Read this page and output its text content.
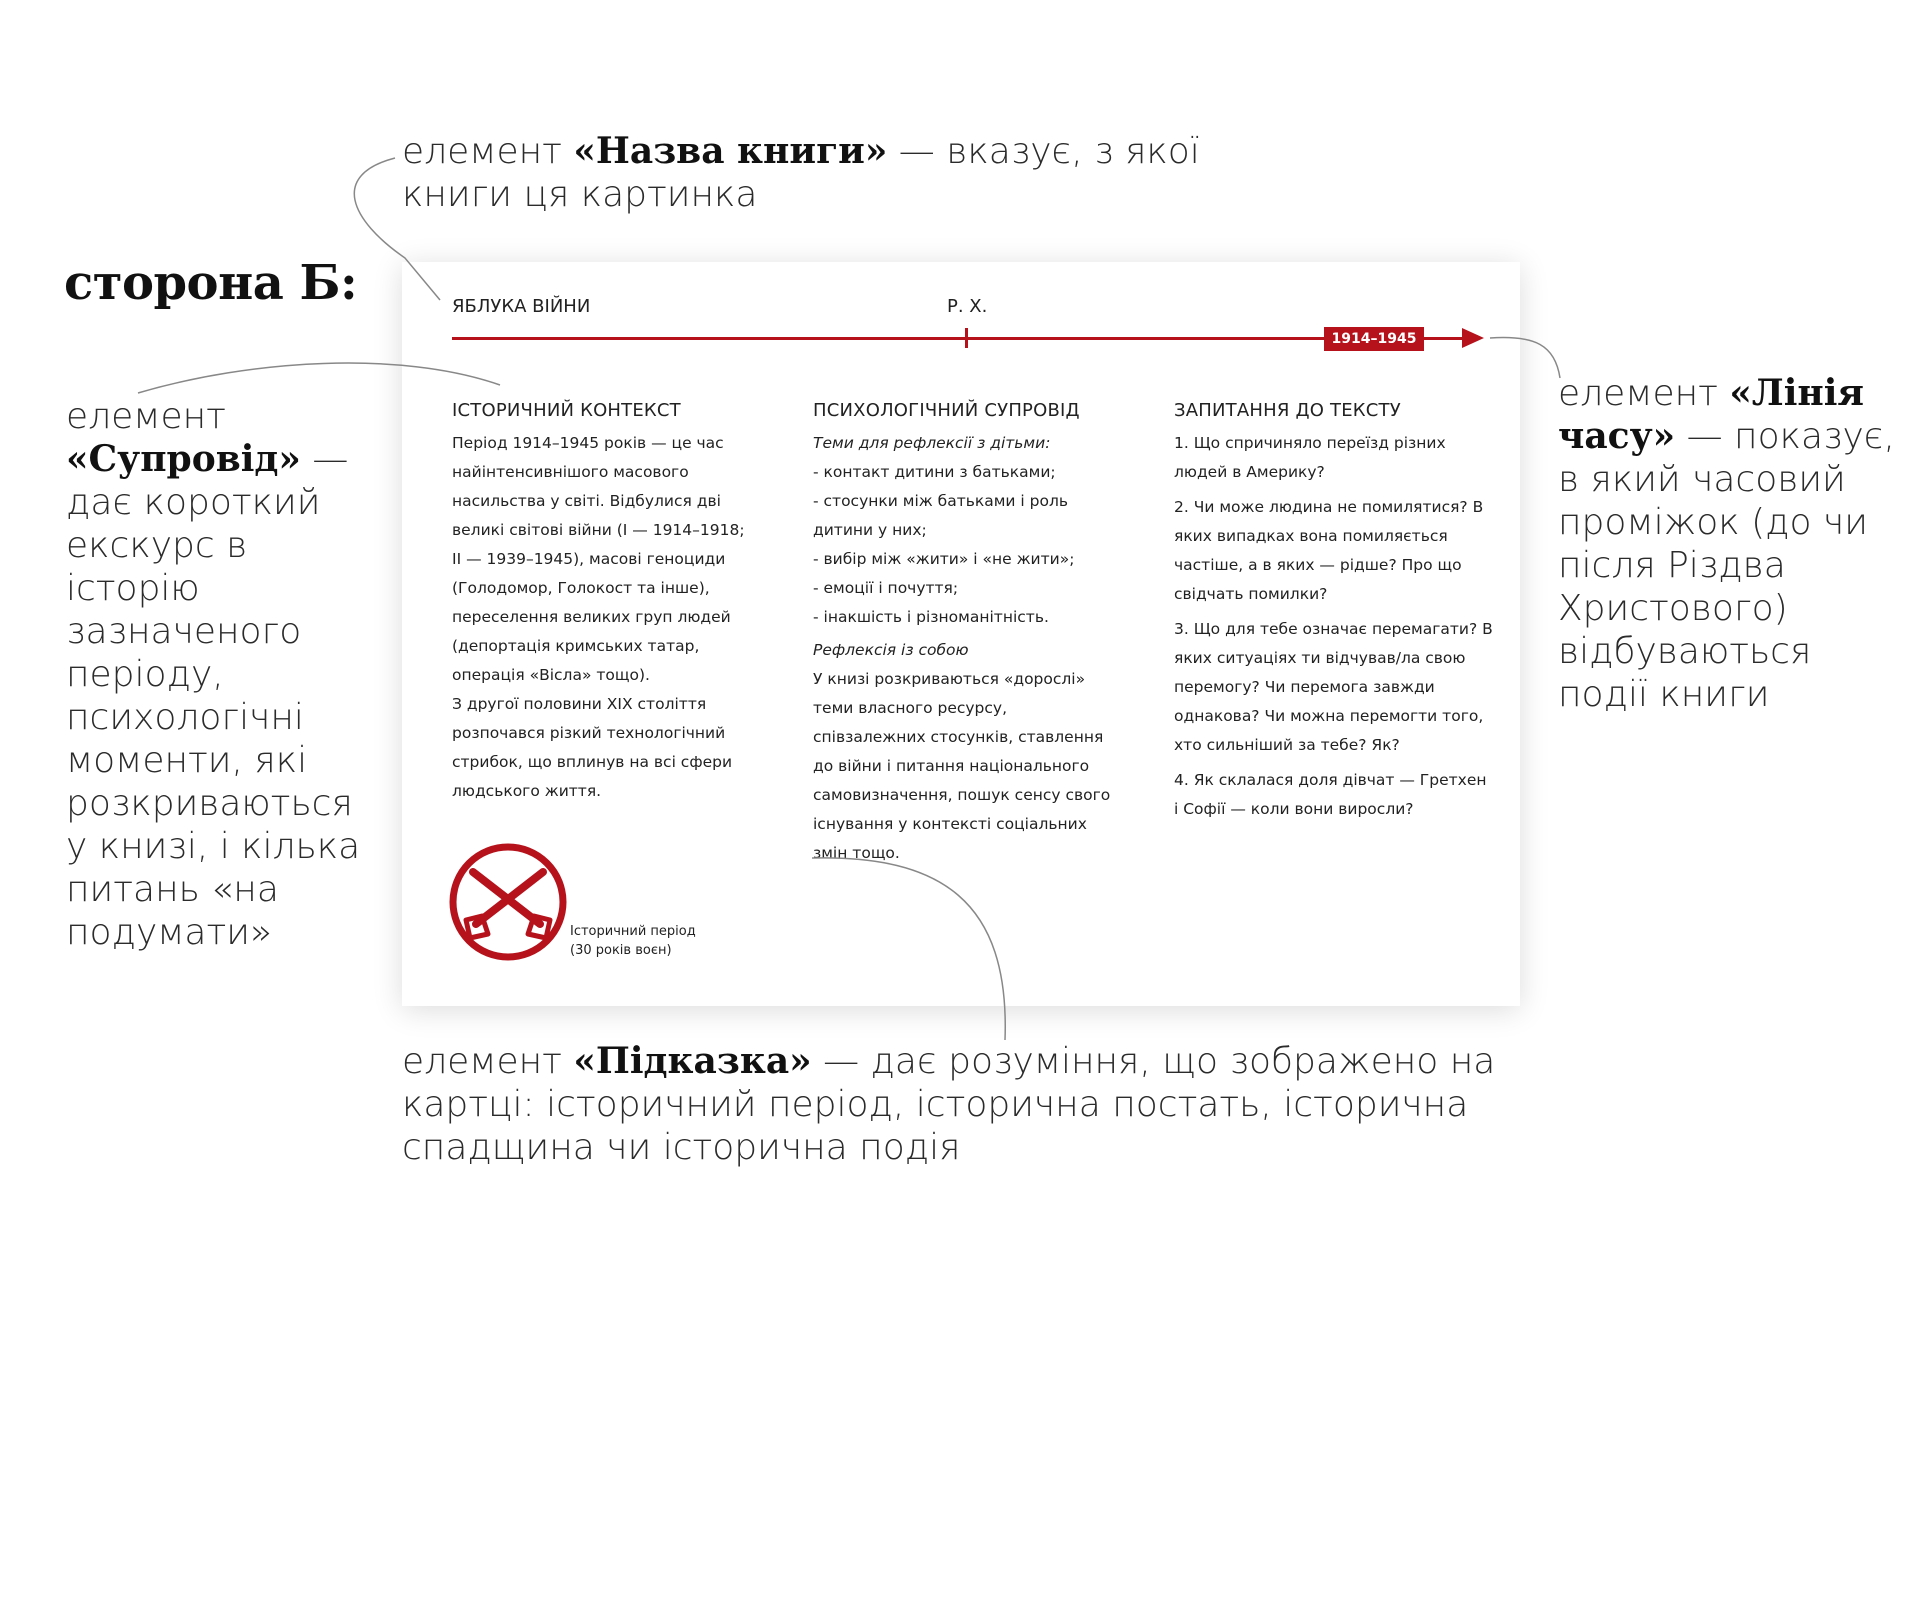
сторона Б:
елемент «Назва книги» — вказує, з якої книги ця картинка
елемент
«Супровід» — дає короткий екскурс в історію зазначеного періоду, психологічні моменти, які розкриваються у книзі, і кілька питань «на подумати»
елемент «Лінія часу» — показує, в який часовий проміжок (до чи після Різдва Христового) відбуваються події книги
елемент «Підказка» — дає розуміння, що зображено на картці: історичний період, історична постать, історична спадщина чи історична подія
ЯБЛУКА ВІЙНИ	Р. Х.
1914–1945
ІСТОРИЧНИЙ КОНТЕКСТ

Період 1914–1945 років — це час найінтенсивнішого масового насильства у світі. Відбулися дві великі світові війни (І — 1914–1918; ІІ — 1939–1945), масові геноциди (Голодомор, Голокост та інше), переселення великих груп людей (депортація кримських татар, операція «Вісла» тощо).

З другої половини ХІХ століття розпочався різкий технологічний стрибок, що вплинув на всі сфери людського життя.

ПСИХОЛОГІЧНИЙ СУПРОВІД

Теми для рефлексії з дітьми:

- контакт дитини з батьками;

- стосунки між батьками і роль дитини у них;

- вибір між «жити» і «не жити»;

- емоції і почуття;

- інакшість і різноманітність.

Рефлексія із собою

У книзі розкриваються «дорослі» теми власного ресурсу, співзалежних стосунків, ставлення до війни і питання національного самовизначення, пошук сенсу свого існування у контексті соціальних змін тощо.

ЗАПИТАННЯ ДО ТЕКСТУ

1. Що спричиняло переїзд різних людей в Америку?

2. Чи може людина не помилятися? В яких випадках вона помиляється частіше, а в яких — рідше? Про що свідчать помилки?

3. Що для тебе означає перемагати? В яких ситуаціях ти відчував/ла свою перемогу? Чи перемога завжди однакова? Чи можна перемогти того, хто сильніший за тебе? Як?

4. Як склалася доля дівчат — Гретхен і Софії — коли вони виросли?

Історичний період
(30 років воєн)
